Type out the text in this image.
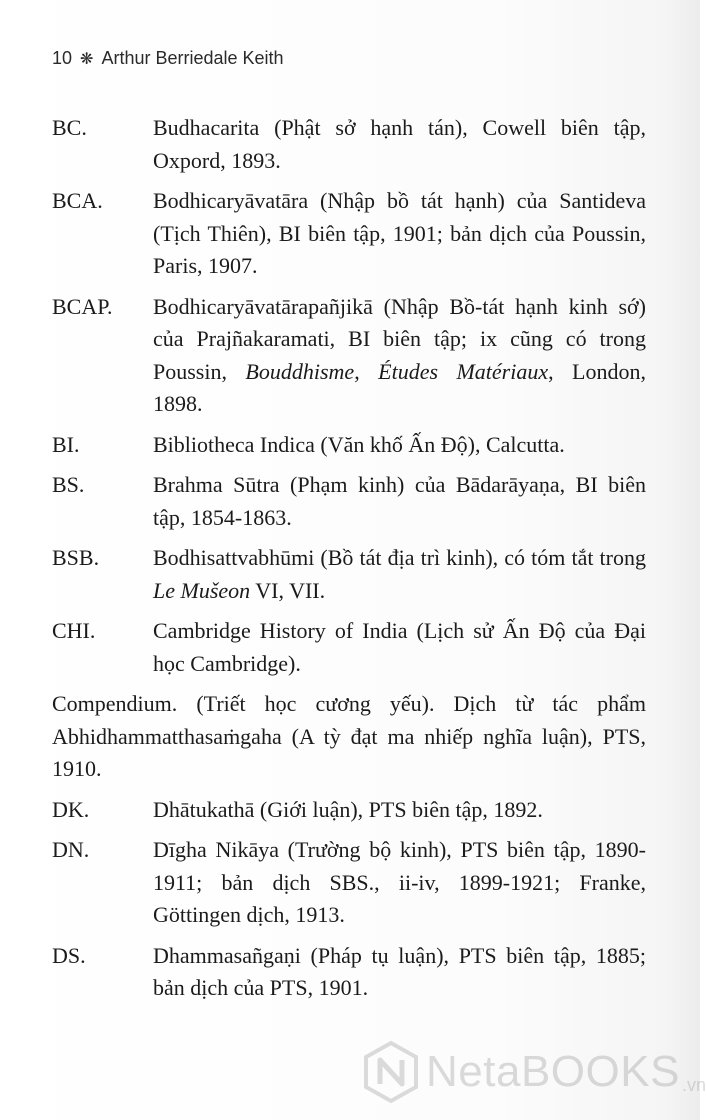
10 ❋ Arthur Berriedale Keith
BC.	Budhacarita (Phật sở hạnh tán), Cowell biên tập, Oxpord, 1893.
BCA.	Bodhicaryāvatāra (Nhập bồ tát hạnh) của Santideva (Tịch Thiên), BI biên tập, 1901; bản dịch của Poussin, Paris, 1907.
BCAP.	Bodhicaryāvatārapañjikā (Nhập Bồ-tát hạnh kinh sớ) của Prajñakaramati, BI biên tập; ix cũng có trong Poussin, Bouddhisme, Études Matériaux, London, 1898.
BI.	Bibliotheca Indica (Văn khố Ấn Độ), Calcutta.
BS.	Brahma Sūtra (Phạm kinh) của Bādarāyaṇa, BI biên tập, 1854-1863.
BSB.	Bodhisattvabhūmi (Bồ tát địa trì kinh), có tóm tắt trong Le Mušeon VI, VII.
CHI.	Cambridge History of India (Lịch sử Ấn Độ của Đại học Cambridge).
Compendium. (Triết học cương yếu). Dịch từ tác phẩm Abhidhammatthasaṁgaha (A tỳ đạt ma nhiếp nghĩa luận), PTS, 1910.
DK.	Dhātukathā (Giới luận), PTS biên tập, 1892.
DN.	Dīgha Nikāya (Trường bộ kinh), PTS biên tập, 1890-1911; bản dịch SBS., ii-iv, 1899-1921; Franke, Göttingen dịch, 1913.
DS.	Dhammasañgaṇi (Pháp tụ luận), PTS biên tập, 1885; bản dịch của PTS, 1901.
NetaBOOKS .vn
